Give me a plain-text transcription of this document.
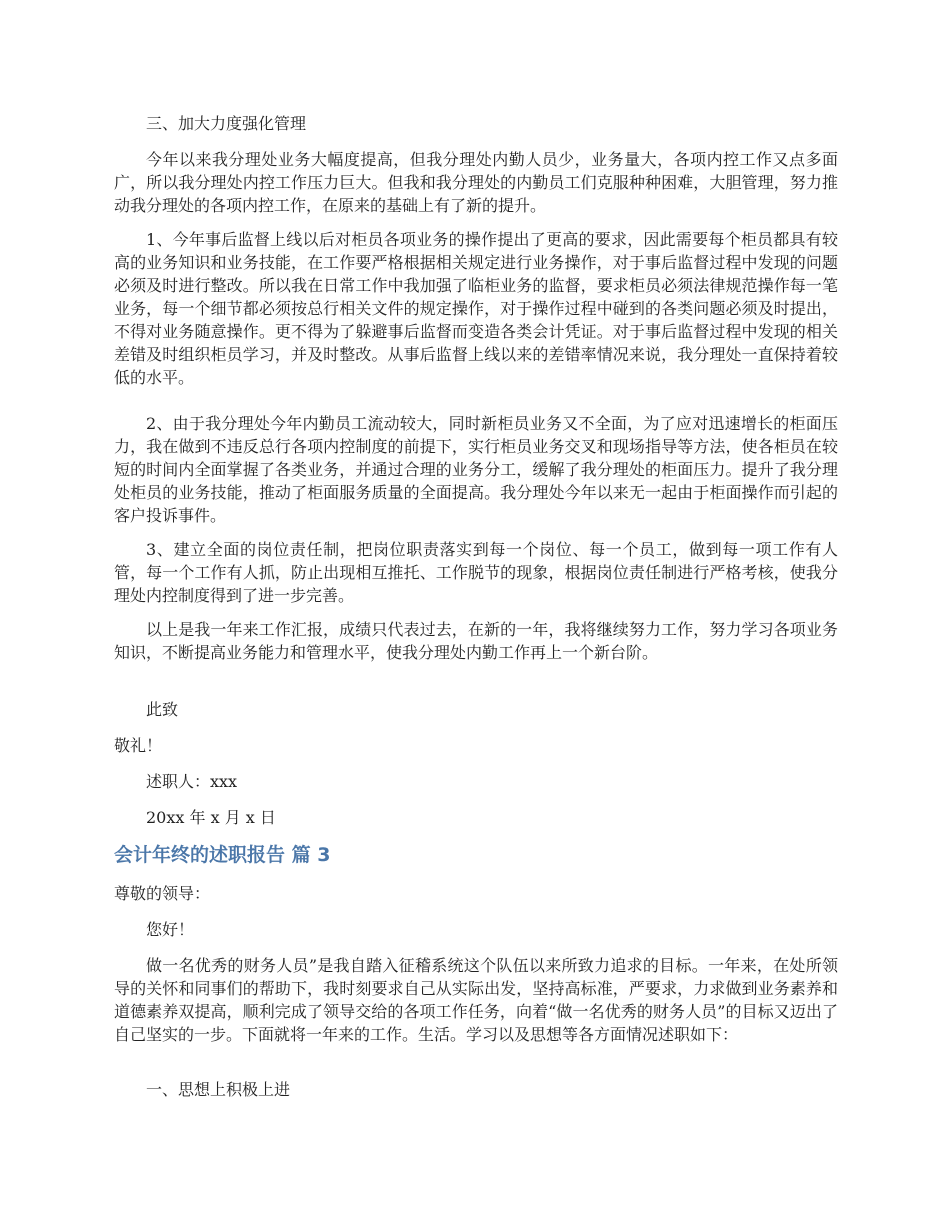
三、加大力度强化管理

今年以来我分理处业务大幅度提高，但我分理处内勤人员少，业务量大，各项内控工作又点多面广，所以我分理处内控工作压力巨大。但我和我分理处的内勤员工们克服种种困难，大胆管理，努力推动我分理处的各项内控工作，在原来的基础上有了新的提升。

1、今年事后监督上线以后对柜员各项业务的操作提出了更高的要求，因此需要每个柜员都具有较高的业务知识和业务技能，在工作要严格根据相关规定进行业务操作，对于事后监督过程中发现的问题必须及时进行整改。所以我在日常工作中我加强了临柜业务的监督，要求柜员必须法律规范操作每一笔业务，每一个细节都必须按总行相关文件的规定操作，对于操作过程中碰到的各类问题必须及时提出，不得对业务随意操作。更不得为了躲避事后监督而变造各类会计凭证。对于事后监督过程中发现的相关差错及时组织柜员学习，并及时整改。从事后监督上线以来的差错率情况来说，我分理处一直保持着较低的水平。

2、由于我分理处今年内勤员工流动较大，同时新柜员业务又不全面，为了应对迅速增长的柜面压力，我在做到不违反总行各项内控制度的前提下，实行柜员业务交叉和现场指导等方法，使各柜员在较短的时间内全面掌握了各类业务，并通过合理的业务分工，缓解了我分理处的柜面压力。提升了我分理处柜员的业务技能，推动了柜面服务质量的全面提高。我分理处今年以来无一起由于柜面操作而引起的客户投诉事件。

3、建立全面的岗位责任制，把岗位职责落实到每一个岗位、每一个员工，做到每一项工作有人管，每一个工作有人抓，防止出现相互推托、工作脱节的现象，根据岗位责任制进行严格考核，使我分理处内控制度得到了进一步完善。

以上是我一年来工作汇报，成绩只代表过去，在新的一年，我将继续努力工作，努力学习各项业务知识，不断提高业务能力和管理水平，使我分理处内勤工作再上一个新台阶。

此致

敬礼！

述职人：xxx

20xx 年 x 月 x 日

会计年终的述职报告 篇 3

尊敬的领导：

您好！

做一名优秀的财务人员”是我自踏入征稽系统这个队伍以来所致力追求的目标。一年来，在处所领导的关怀和同事们的帮助下，我时刻要求自己从实际出发，坚持高标准，严要求，力求做到业务素养和道德素养双提高，顺利完成了领导交给的各项工作任务，向着“做一名优秀的财务人员”的目标又迈出了自己坚实的一步。下面就将一年来的工作。生活。学习以及思想等各方面情况述职如下：

一、思想上积极上进
